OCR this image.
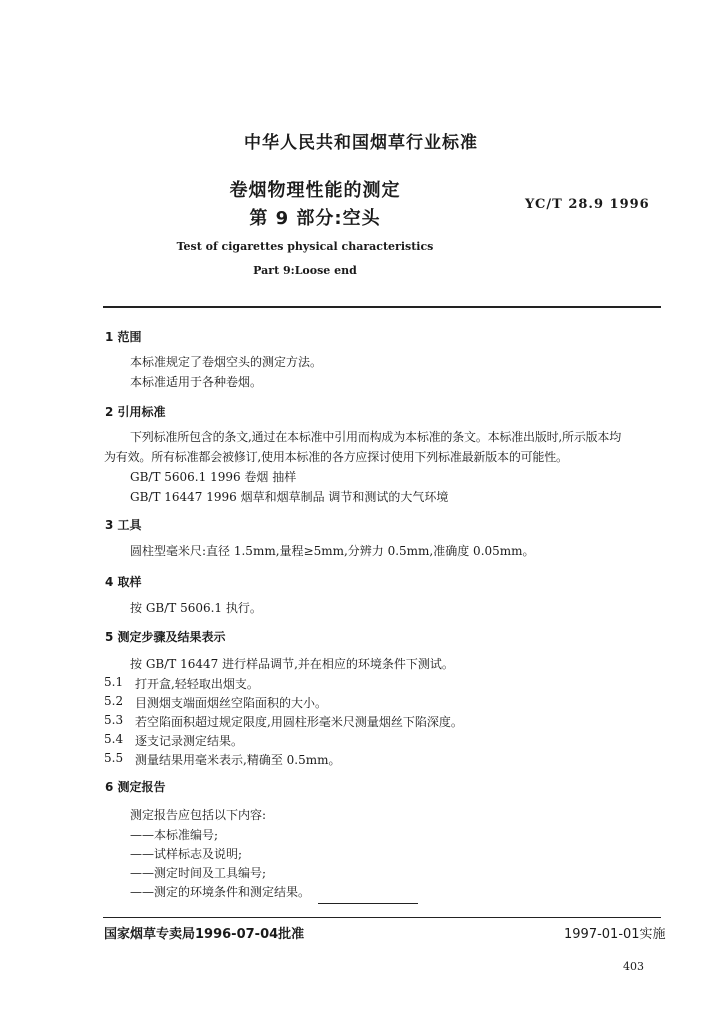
中华人民共和国烟草行业标准
卷烟物理性能的测定
第 9 部分:空头
Test of cigarettes physical characteristics
Part 9:Loose end
YC/T 28.9 1996
1 范围
本标准规定了卷烟空头的测定方法。
本标准适用于各种卷烟。
2 引用标准
下列标准所包含的条文,通过在本标准中引用而构成为本标准的条文。本标准出版时,所示版本均
为有效。所有标准都会被修订,使用本标准的各方应探讨使用下列标准最新版本的可能性。
GB/T 5606.1 1996 卷烟 抽样
GB/T 16447 1996 烟草和烟草制品 调节和测试的大气环境
3 工具
圆柱型毫米尺:直径 1.5mm,量程≥5mm,分辨力 0.5mm,准确度 0.05mm。
4 取样
按 GB/T 5606.1 执行。
5 测定步骤及结果表示
按 GB/T 16447 进行样品调节,并在相应的环境条件下测试。
5.1 打开盒,轻轻取出烟支。
5.2 目测烟支端面烟丝空陷面积的大小。
5.3 若空陷面积超过规定限度,用圆柱形毫米尺测量烟丝下陷深度。
5.4 逐支记录测定结果。
5.5 测量结果用毫米表示,精确至 0.5mm。
6 测定报告
测定报告应包括以下内容:
——本标准编号;
——试样标志及说明;
——测定时间及工具编号;
——测定的环境条件和测定结果。
国家烟草专卖局1996-07-04批准	1997-01-01实施
403
